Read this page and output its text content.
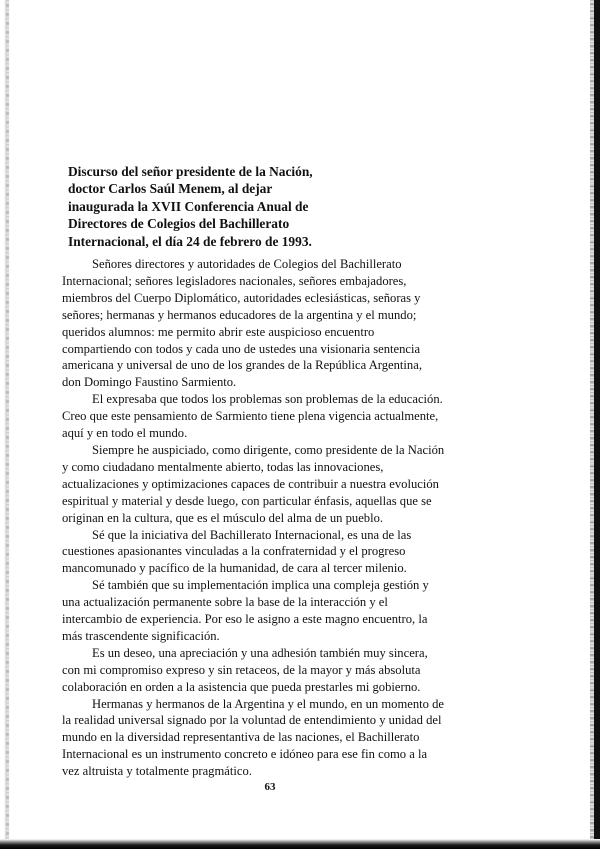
Discurso del señor presidente de la Nación,
doctor Carlos Saúl Menem, al dejar
inaugurada la XVII Conferencia Anual de
Directores de Colegios del Bachillerato
Internacional, el día 24 de febrero de 1993.

Señores directores y autoridades de Colegios del Bachillerato
Internacional; señores legisladores nacionales, señores embajadores,
miembros del Cuerpo Diplomático, autoridades eclesiásticas, señoras y
señores; hermanas y hermanos educadores de la argentina y el mundo;
queridos alumnos: me permito abrir este auspicioso encuentro
compartiendo con todos y cada uno de ustedes una visionaria sentencia
americana y universal de uno de los grandes de la República Argentina,
don Domingo Faustino Sarmiento.

El expresaba que todos los problemas son problemas de la educación.
Creo que este pensamiento de Sarmiento tiene plena vigencia actualmente,
aquí y en todo el mundo.

Siempre he auspiciado, como dirigente, como presidente de la Nación
y como ciudadano mentalmente abierto, todas las innovaciones,
actualizaciones y optimizaciones capaces de contribuir a nuestra evolución
espiritual y material y desde luego, con particular énfasis, aquellas que se
originan en la cultura, que es el músculo del alma de un pueblo.

Sé que la iniciativa del Bachillerato Internacional, es una de las
cuestiones apasionantes vinculadas a la confraternidad y el progreso
mancomunado y pacífico de la humanidad, de cara al tercer milenio.

Sé también que su implementación implica una compleja gestión y
una actualización permanente sobre la base de la interacción y el
intercambio de experiencia. Por eso le asigno a este magno encuentro, la
más trascendente significación.

Es un deseo, una apreciación y una adhesión también muy sincera,
con mi compromiso expreso y sin retaceos, de la mayor y más absoluta
colaboración en orden a la asistencia que pueda prestarles mi gobierno.

Hermanas y hermanos de la Argentina y el mundo, en un momento de
la realidad universal signado por la voluntad de entendimiento y unidad del
mundo en la diversidad representantiva de las naciones, el Bachillerato
Internacional es un instrumento concreto e idóneo para ese fin como a la
vez altruista y totalmente pragmático.

63
